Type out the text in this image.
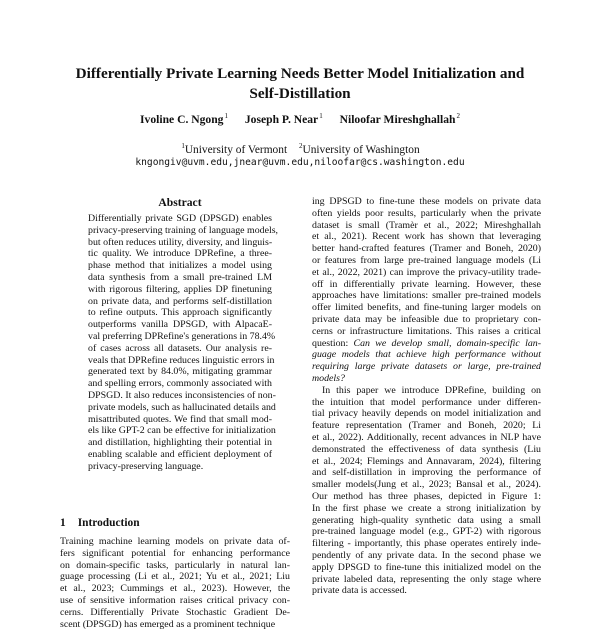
Differentially Private Learning Needs Better Model Initialization and
Self-Distillation
Ivoline C. Ngong$^1$ Joseph P. Near$^1$ Niloofar Mireshghallah$^2$
$^1$University of Vermont $^2$University of Washington
kngongiv@uvm.edu,jnear@uvm.edu,niloofar@cs.washington.edu
Abstract
Differentially private SGD (DPSGD) enables
privacy-preserving training of language models,
but often reduces utility, diversity, and linguis-
tic quality. We introduce DPRefine, a three-
phase method that initializes a model using
data synthesis from a small pre-trained LM
with rigorous filtering, applies DP finetuning
on private data, and performs self-distillation
to refine outputs. This approach significantly
outperforms vanilla DPSGD, with AlpacaE-
val preferring DPRefine's generations in 78.4%
of cases across all datasets. Our analysis re-
veals that DPRefine reduces linguistic errors in
generated text by 84.0%, mitigating grammar
and spelling errors, commonly associated with
DPSGD. It also reduces inconsistencies of non-
private models, such as hallucinated details and
misattributed quotes. We find that small mod-
els like GPT-2 can be effective for initialization
and distillation, highlighting their potential in
enabling scalable and efficient deployment of
privacy-preserving language.
1 Introduction
Training machine learning models on private data of-
fers significant potential for enhancing performance
on domain-specific tasks, particularly in natural lan-
guage processing (Li et al., 2021; Yu et al., 2021; Liu
et al., 2023; Cummings et al., 2023). However, the
use of sensitive information raises critical privacy con-
cerns. Differentially Private Stochastic Gradient De-
scent (DPSGD) has emerged as a prominent technique
ing DPSGD to fine-tune these models on private data
often yields poor results, particularly when the private
dataset is small (Tramèr et al., 2022; Mireshghallah
et al., 2021). Recent work has shown that leveraging
better hand-crafted features (Tramer and Boneh, 2020)
or features from large pre-trained language models (Li
et al., 2022, 2021) can improve the privacy-utility trade-
off in differentially private learning. However, these
approaches have limitations: smaller pre-trained models
offer limited benefits, and fine-tuning larger models on
private data may be infeasible due to proprietary con-
cerns or infrastructure limitations. This raises a critical
question: Can we develop small, domain-specific lan-
guage models that achieve high performance without
requiring large private datasets or large, pre-trained
models?
In this paper we introduce DPRefine, building on
the intuition that model performance under differen-
tial privacy heavily depends on model initialization and
feature representation (Tramer and Boneh, 2020; Li
et al., 2022). Additionally, recent advances in NLP have
demonstrated the effectiveness of data synthesis (Liu
et al., 2024; Flemings and Annavaram, 2024), filtering
and self-distillation in improving the performance of
smaller models(Jung et al., 2023; Bansal et al., 2024).
Our method has three phases, depicted in Figure 1:
In the first phase we create a strong initialization by
generating high-quality synthetic data using a small
pre-trained language model (e.g., GPT-2) with rigorous
filtering - importantly, this phase operates entirely inde-
pendently of any private data. In the second phase we
apply DPSGD to fine-tune this initialized model on the
private labeled data, representing the only stage where
private data is accessed.
